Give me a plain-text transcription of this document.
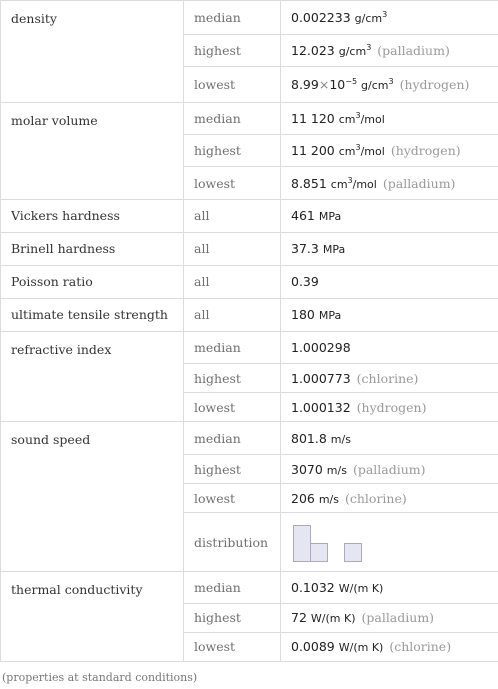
density	median	0.002233 $g/cm^3$
	highest	12.023 $g/cm^3$ (palladium)
	lowest	$8.99\times 10^{-5}$ $g/cm^3$ (hydrogen)
molar volume	median	11 120 $cm^3$/mol
	highest	11 200 $cm^3$/mol (hydrogen)
	lowest	8.851 $cm^3$/mol (palladium)
Vickers hardness	all	461 MPa
Brinell hardness	all	37.3 MPa
Poisson ratio	all	0.39
ultimate tensile strength	all	180 MPa
refractive index	median	1.000298
	highest	1.000773 (chlorine)
	lowest	1.000132 (hydrogen)
sound speed	median	801.8 m/s
	highest	3070 m/s (palladium)
	lowest	206 m/s (chlorine)
	distribution	

thermal conductivity	median	0.1032 W/(m K)
	highest	72 W/(m K) (palladium)
	lowest	0.0089 W/(m K) (chlorine)
(properties at standard conditions)
